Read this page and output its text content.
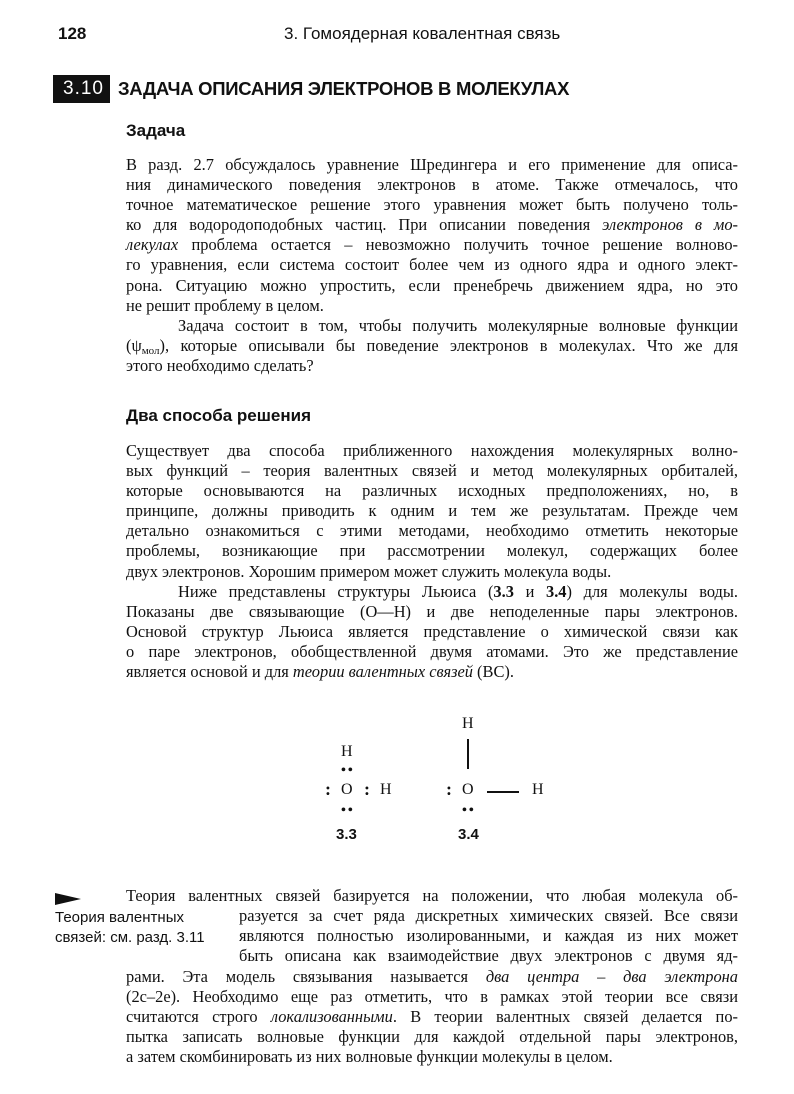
128	3. Гомоядерная ковалентная связь
3.10 ЗАДАЧА ОПИСАНИЯ ЭЛЕКТРОНОВ В МОЛЕКУЛАХ
Задача
В разд. 2.7 обсуждалось уравнение Шредингера и его применение для описа-
ния динамического поведения электронов в атоме. Также отмечалось, что
точное математическое решение этого уравнения может быть получено толь-
ко для водородоподобных частиц. При описании поведения электронов в мо-
лекулах проблема остается – невозможно получить точное решение волново-
го уравнения, если система состоит более чем из одного ядра и одного элект-
рона. Ситуацию можно упростить, если пренебречь движением ядра, но это
не решит проблему в целом.
Задача состоит в том, чтобы получить молекулярные волновые функции
$(\psi_{мол})$, которые описывали бы поведение электронов в молекулах. Что же для
этого необходимо сделать?
Два способа решения
Существует два способа приближенного нахождения молекулярных волно-
вых функций – теория валентных связей и метод молекулярных орбиталей,
которые основываются на различных исходных предположениях, но, в
принципе, должны приводить к одним и тем же результатам. Прежде чем
детально ознакомиться с этими методами, необходимо отметить некоторые
проблемы, возникающие при рассмотрении молекул, содержащих более
двух электронов. Хорошим примером может служить молекула воды.
Ниже представлены структуры Льюиса (3.3 и 3.4) для молекулы воды.
Показаны две связывающие (O—H) и две неподеленные пары электронов.
Основой структур Льюиса является представление о химической связи как
о паре электронов, обобществленной двумя атомами. Это же представление
является основой и для теории валентных связей (ВС).
H
••
: O : H
••
3.3
H
: O	H
••
3.4
Теория валентных
связей: см. разд. 3.11
Теория валентных связей базируется на положении, что любая молекула об-
разуется за счет ряда дискретных химических связей. Все связи
являются полностью изолированными, и каждая из них может
быть описана как взаимодействие двух электронов с двумя яд-
рами. Эта модель связывания называется два центра – два электрона
(2c–2e). Необходимо еще раз отметить, что в рамках этой теории все связи
считаются строго локализованными. В теории валентных связей делается по-
пытка записать волновые функции для каждой отдельной пары электронов,
а затем скомбинировать из них волновые функции молекулы в целом.
